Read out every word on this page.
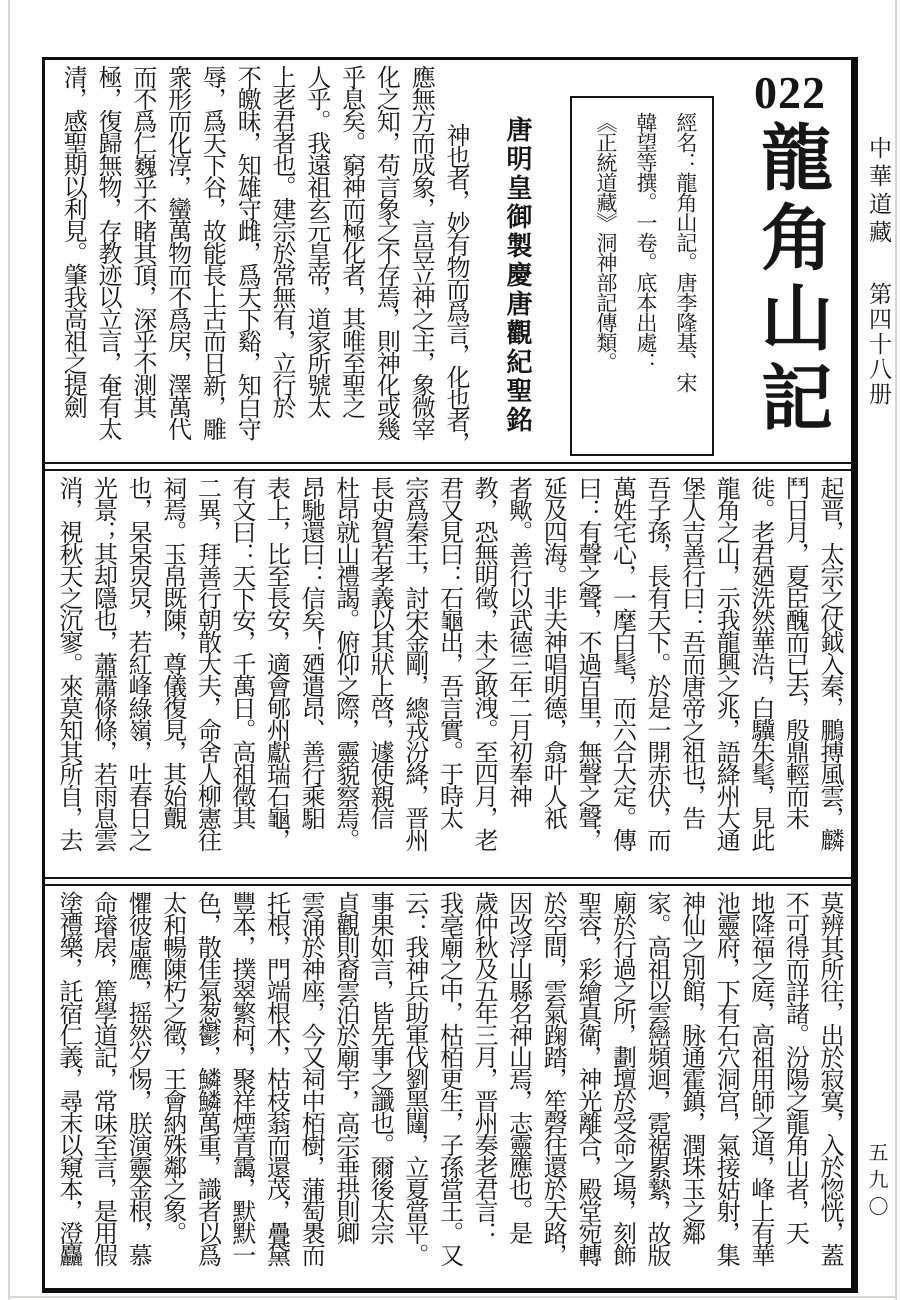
中華道藏
第四十八册
五九〇
022
龍角山記
經名：龍角山記。唐李隆基、宋
韓望等撰。一卷。底本出處：
《正統道藏》洞神部記傳類。
唐明皇御製慶唐觀紀聖銘
神也者，妙有物而爲言，化也者，
應無方而成象，言豈立神之主，象微宰
化之知，苟言象之不存焉，則神化或幾
乎息矣。窮神而極化者，其唯至聖之
人乎。我遠祖玄元皇帝，道家所號太
上老君者也。建宗於常無有，立行於
不皦昧，知雄守雌，爲天下谿，知白守
辱，爲天下谷，故能長上古而日新，雕
衆形而化淳，蠻萬物而不爲戻，澤萬代
而不爲仁巍乎不睹其頂，深乎不測其
極，復歸無物，存教迹以立言，奄有太
清，感聖期以利見。肇我高祖之提劍
起晋，太宗之仗鉞入秦，鵬搏風雲，麟
鬥日月，夏臣醜而已去，殷鼎輕而未
徙。老君廼洗然華浩，白驥朱髦，見此
龍角之山，示我龍興之兆，語絳州大通
堡人吉善行曰：吾而唐帝之祖也，告
吾子孫，長有天下。於是一開赤伏，而
萬姓宅心，一麾白髦，而六合大定。傳
曰：有聲之聲，不過百里，無聲之聲，
延及四海。非夫神唱明德，翕叶人祇
者歟。善行以武德三年二月初奉神
教，恐無明徵，未之敢洩。至四月，老
君又見曰：石龜出，吾言實。于時太
宗爲秦王，討宋金剛，總戎汾絳，晋州
長史賀若孝義以其狀上啓，遽使親信
杜昂就山禮謁。俯仰之際，靈貌察焉。
昂馳還曰：信矣！廼遣昂、善行乘馹
表上，比至長安，適會郇州獻瑞石龜，
有文曰：天下安，千萬日。高祖徵其
二異，拜善行朝散大夫，命舍人柳憲往
祠焉。玉帛既陳，尊儀復見，其始覿
也，杲杲炅炅，若紅峰綠嶺，吐春日之
光景；其却隱也，蕭蕭條條，若雨息雲
消，視秋天之沉寥。來莫知其所自，去
莫辨其所往，出於寂寞，入於惚恍，蓋
不可得而詳諸。汾陽之龍角山者，天
地降福之庭，高祖用師之道，峰上有華
池靈府，下有石穴洞宫，氣接姑射，集
神仙之別館，脉通霍鎮，潤珠玉之鄰
家。高祖以雲巒頻迴，霓裾累縶，故版
廟於行過之所，劃壇於受命之場，刻飾
聖容，彩繪真衛，神光離合，殿堂宛轉
於空間，雲氣踘踏，笙磬往還於天路，
因改浮山縣名神山焉，志靈應也。是
歲仲秋及五年三月，晋州奏老君言：
我亳廟之中，枯栢更生，子孫當王。又
云：我神兵助軍伐劉黑闥，立夏當平。
事果如言，皆先事之讖也。爾後太宗
貞觀則裔雲泊於廟宇，高宗垂拱則卿
雲涌於神座，今又祠中栢樹，蒲萄褁而
托根，門端根木，枯枝蓊而還茂，疊黛
豐本，撲翠繁柯，聚祥煙青靄，默默一
色，散佳氣葱鬱，鱗鱗萬重，識者以爲
太和暢陳朽之徵，王會納殊鄰之象。
懼彼虛應，摇然夕惕，朕演靈金根，慕
命璿扆，篤學道記，常味至言，是用假
塗禮樂，託宿仁義，尋末以窺本，澄麤
